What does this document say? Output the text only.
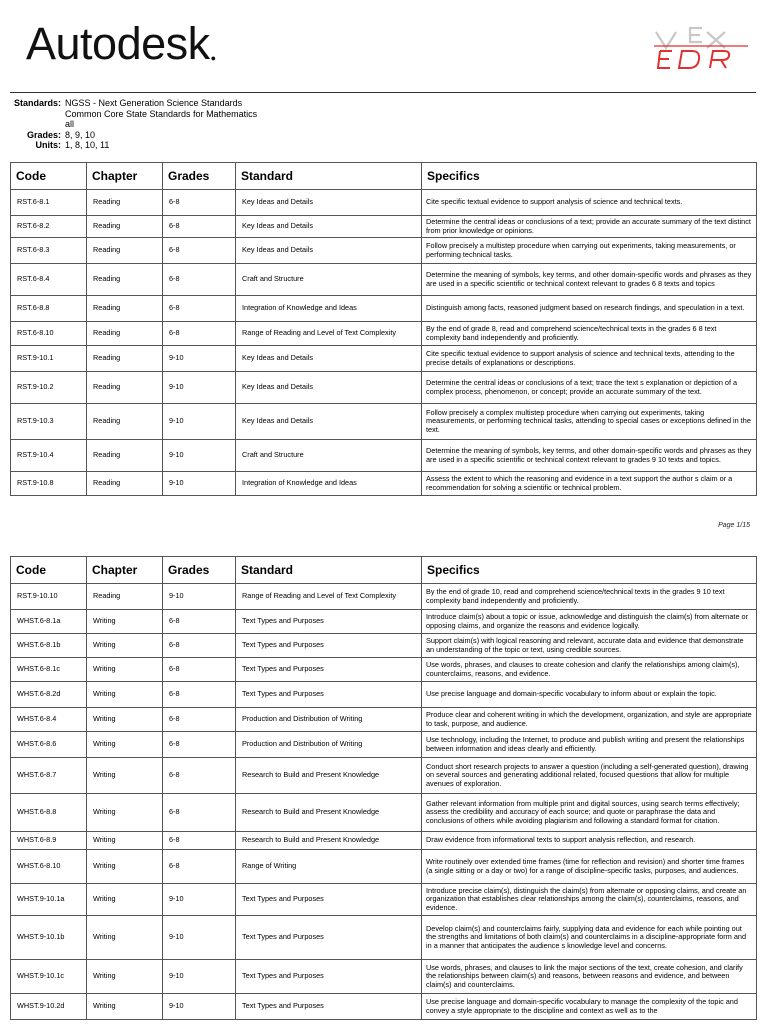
Autodesk●
Standards: NGSS - Next Generation Science Standards
Common Core State Standards for Mathematics
all
Grades: 8, 9, 10
Units: 1, 8, 10, 11
Code	Chapter	Grades	Standard	Specifics
RST.6-8.1	Reading	6-8	Key Ideas and Details	Cite specific textual evidence to support analysis of science and technical texts.
RST.6-8.2	Reading	6-8	Key Ideas and Details	Determine the central ideas or conclusions of a text; provide an accurate summary of the text distinct from prior knowledge or opinions.
RST.6-8.3	Reading	6-8	Key Ideas and Details	Follow precisely a multistep procedure when carrying out experiments, taking measurements, or performing technical tasks.
RST.6-8.4	Reading	6-8	Craft and Structure	Determine the meaning of symbols, key terms, and other domain-specific words and phrases as they are used in a specific scientific or technical context relevant to grades 6 8 texts and topics
RST.6-8.8	Reading	6-8	Integration of Knowledge and Ideas	Distinguish among facts, reasoned judgment based on research findings, and speculation in a text.
RST.6-8.10	Reading	6-8	Range of Reading and Level of Text Complexity	By the end of grade 8, read and comprehend science/technical texts in the grades 6 8 text complexity band independently and proficiently.
RST.9-10.1	Reading	9-10	Key Ideas and Details	Cite specific textual evidence to support analysis of science and technical texts, attending to the precise details of explanations or descriptions.
RST.9-10.2	Reading	9-10	Key Ideas and Details	Determine the central ideas or conclusions of a text; trace the text s explanation or depiction of a complex process, phenomenon, or concept; provide an accurate summary of the text.
RST.9-10.3	Reading	9-10	Key Ideas and Details	Follow precisely a complex multistep procedure when carrying out experiments, taking measurements, or performing technical tasks, attending to special cases or exceptions defined in the text.
RST.9-10.4	Reading	9-10	Craft and Structure	Determine the meaning of symbols, key terms, and other domain-specific words and phrases as they are used in a specific scientific or technical context relevant to grades 9 10 texts and topics.
RST.9-10.8	Reading	9-10	Integration of Knowledge and Ideas	Assess the extent to which the reasoning and evidence in a text support the author s claim or a recommendation for solving a scientific or technical problem.
Page 1/15
Code	Chapter	Grades	Standard	Specifics
RST.9-10.10	Reading	9-10	Range of Reading and Level of Text Complexity	By the end of grade 10, read and comprehend science/technical texts in the grades 9 10 text complexity band independently and proficiently.
WHST.6-8.1a	Writing	6-8	Text Types and Purposes	Introduce claim(s) about a topic or issue, acknowledge and distinguish the claim(s) from alternate or opposing claims, and organize the reasons and evidence logically.
WHST.6-8.1b	Writing	6-8	Text Types and Purposes	Support claim(s) with logical reasoning and relevant, accurate data and evidence that demonstrate an understanding of the topic or text, using credible sources.
WHST.6-8.1c	Writing	6-8	Text Types and Purposes	Use words, phrases, and clauses to create cohesion and clarify the relationships among claim(s), counterclaims, reasons, and evidence.
WHST.6-8.2d	Writing	6-8	Text Types and Purposes	Use precise language and domain-specific vocabulary to inform about or explain the topic.
WHST.6-8.4	Writing	6-8	Production and Distribution of Writing	Produce clear and coherent writing in which the development, organization, and style are appropriate to task, purpose, and audience.
WHST.6-8.6	Writing	6-8	Production and Distribution of Writing	Use technology, including the Internet, to produce and publish writing and present the relationships between information and ideas clearly and efficiently.
WHST.6-8.7	Writing	6-8	Research to Build and Present Knowledge	Conduct short research projects to answer a question (including a self-generated question), drawing on several sources and generating additional related, focused questions that allow for multiple avenues of exploration.
WHST.6-8.8	Writing	6-8	Research to Build and Present Knowledge	Gather relevant information from multiple print and digital sources, using search terms effectively; assess the credibility and accuracy of each source; and quote or paraphrase the data and conclusions of others while avoiding plagiarism and following a standard format for citation.
WHST.6-8.9	Writing	6-8	Research to Build and Present Knowledge	Draw evidence from informational texts to support analysis reflection, and research.
WHST.6-8.10	Writing	6-8	Range of Writing	Write routinely over extended time frames (time for reflection and revision) and shorter time frames (a single sitting or a day or two) for a range of discipline-specific tasks, purposes, and audiences.
WHST.9-10.1a	Writing	9-10	Text Types and Purposes	Introduce precise claim(s), distinguish the claim(s) from alternate or opposing claims, and create an organization that establishes clear relationships among the claim(s), counterclaims, reasons, and evidence.
WHST.9-10.1b	Writing	9-10	Text Types and Purposes	Develop claim(s) and counterclaims fairly, supplying data and evidence for each while pointing out the strengths and limitations of both claim(s) and counterclaims in a discipline-appropriate form and in a manner that anticipates the audience s knowledge level and concerns.
WHST.9-10.1c	Writing	9-10	Text Types and Purposes	Use words, phrases, and clauses to link the major sections of the text, create cohesion, and clarify the relationships between claim(s) and reasons, between reasons and evidence, and between claim(s) and counterclaims.
WHST.9-10.2d	Writing	9-10	Text Types and Purposes	Use precise language and domain-specific vocabulary to manage the complexity of the topic and convey a style appropriate to the discipline and context as well as to the
